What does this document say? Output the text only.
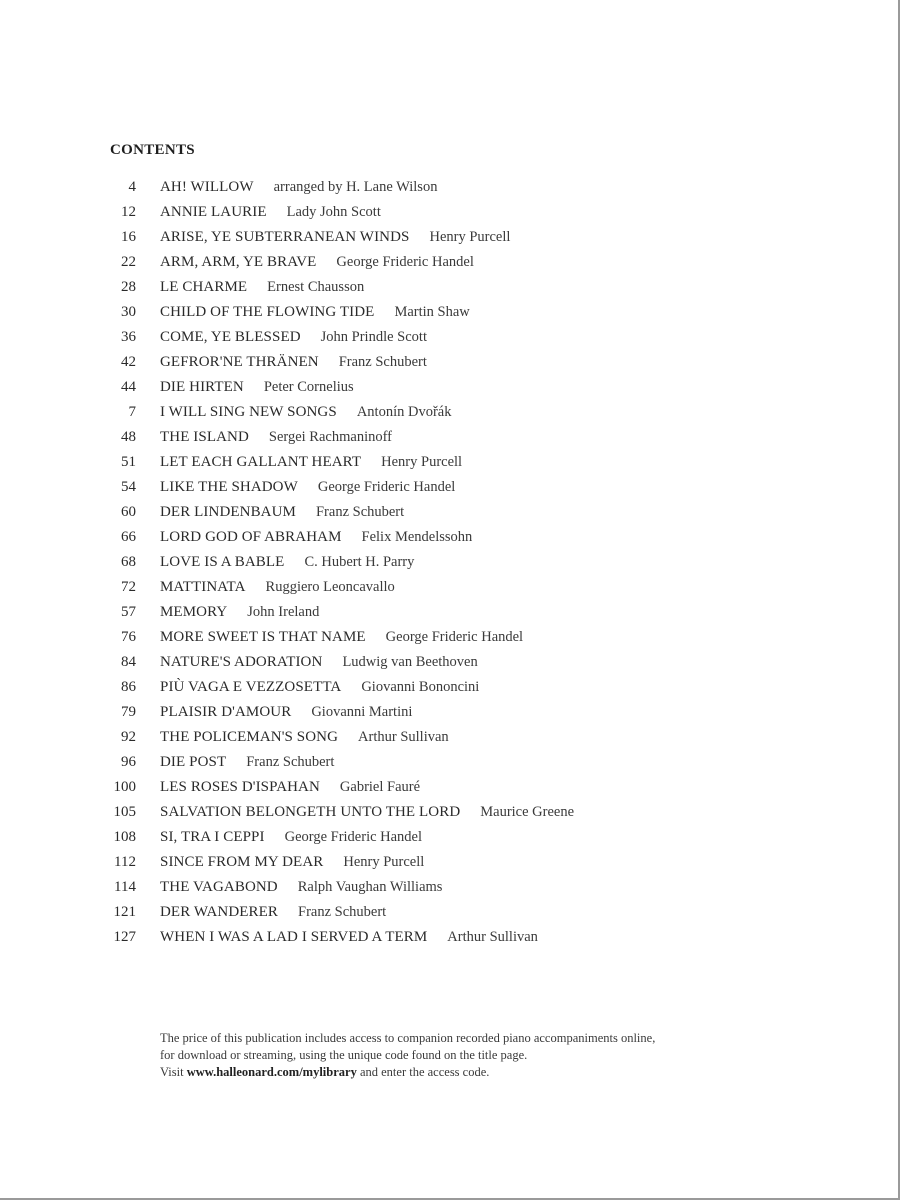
CONTENTS
4 AH! WILLOW arranged by H. Lane Wilson
12 ANNIE LAURIE Lady John Scott
16 ARISE, YE SUBTERRANEAN WINDS Henry Purcell
22 ARM, ARM, YE BRAVE George Frideric Handel
28 LE CHARME Ernest Chausson
30 CHILD OF THE FLOWING TIDE Martin Shaw
36 COME, YE BLESSED John Prindle Scott
42 GEFROR'NE THRÄNEN Franz Schubert
44 DIE HIRTEN Peter Cornelius
7 I WILL SING NEW SONGS Antonín Dvořák
48 THE ISLAND Sergei Rachmaninoff
51 LET EACH GALLANT HEART Henry Purcell
54 LIKE THE SHADOW George Frideric Handel
60 DER LINDENBAUM Franz Schubert
66 LORD GOD OF ABRAHAM Felix Mendelssohn
68 LOVE IS A BABLE C. Hubert H. Parry
72 MATTINATA Ruggiero Leoncavallo
57 MEMORY John Ireland
76 MORE SWEET IS THAT NAME George Frideric Handel
84 NATURE'S ADORATION Ludwig van Beethoven
86 PIÙ VAGA E VEZZOSETTA Giovanni Bononcini
79 PLAISIR D'AMOUR Giovanni Martini
92 THE POLICEMAN'S SONG Arthur Sullivan
96 DIE POST Franz Schubert
100 LES ROSES D'ISPAHAN Gabriel Fauré
105 SALVATION BELONGETH UNTO THE LORD Maurice Greene
108 SI, TRA I CEPPI George Frideric Handel
112 SINCE FROM MY DEAR Henry Purcell
114 THE VAGABOND Ralph Vaughan Williams
121 DER WANDERER Franz Schubert
127 WHEN I WAS A LAD I SERVED A TERM Arthur Sullivan
The price of this publication includes access to companion recorded piano accompaniments online,
for download or streaming, using the unique code found on the title page.
Visit www.halleonard.com/mylibrary and enter the access code.
